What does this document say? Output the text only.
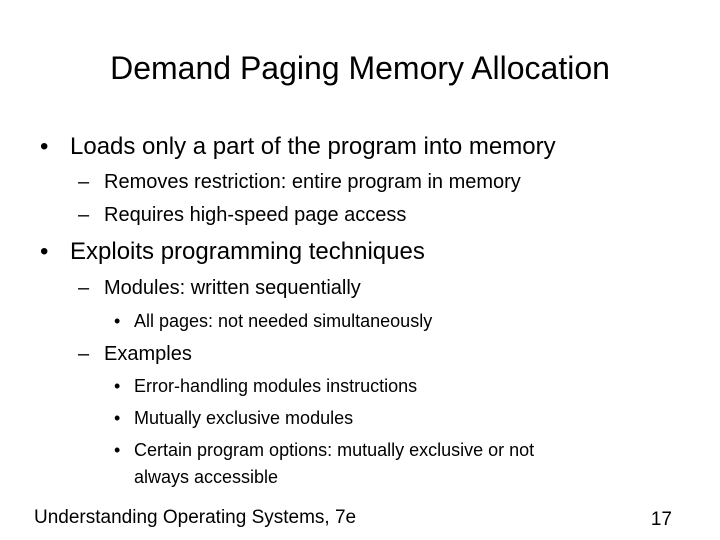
Demand Paging Memory Allocation
• Loads only a part of the program into memory
– Removes restriction: entire program in memory
– Requires high-speed page access
• Exploits programming techniques
– Modules: written sequentially
• All pages: not needed simultaneously
– Examples
• Error-handling modules instructions
• Mutually exclusive modules
• Certain program options: mutually exclusive or not
always accessible
Understanding Operating Systems, 7e	17
